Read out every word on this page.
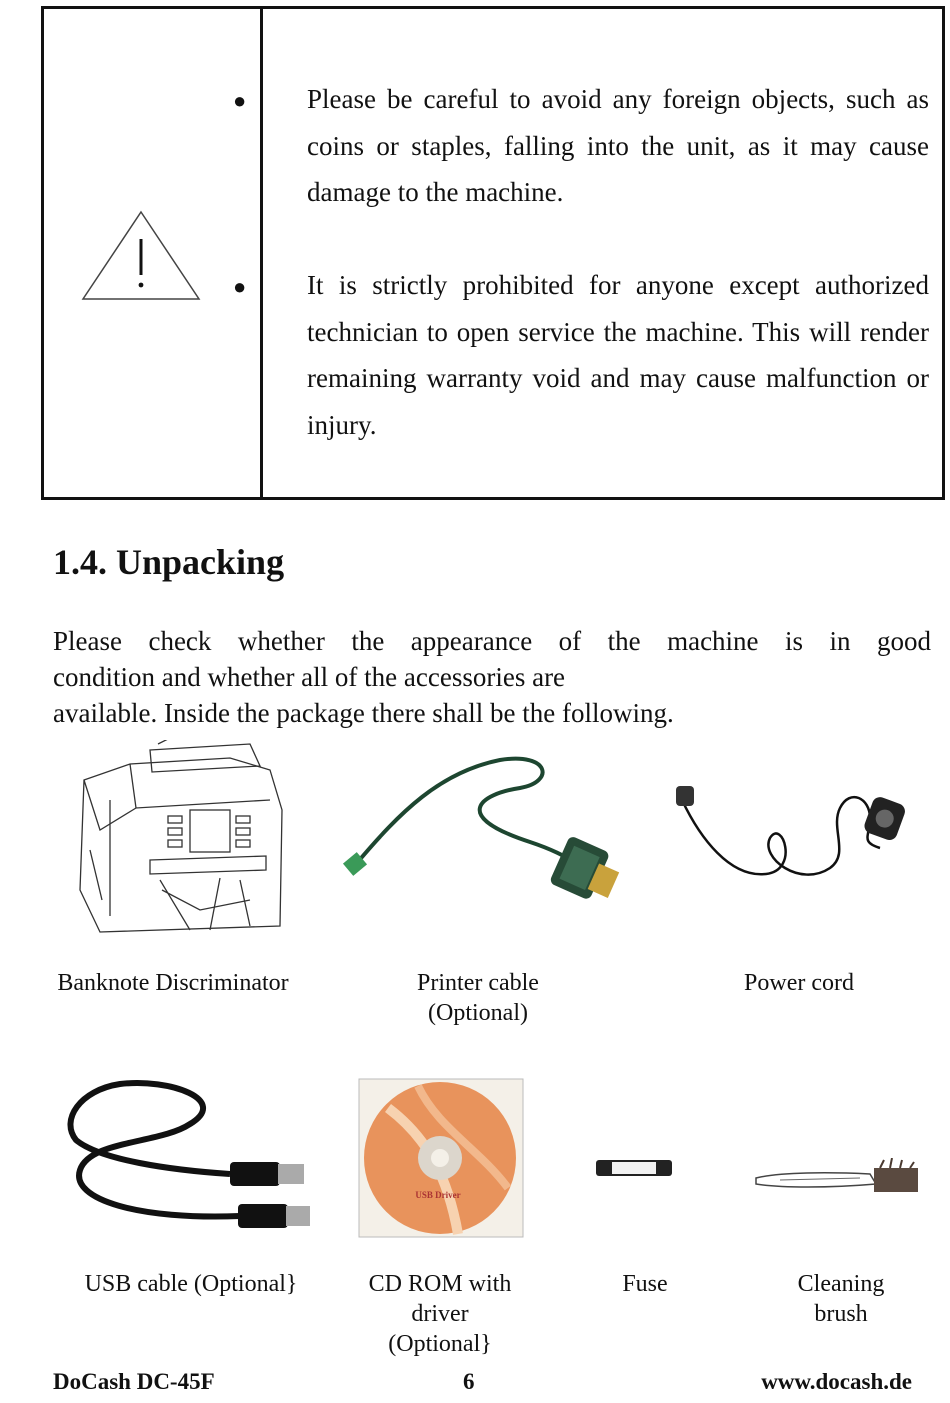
● Please be careful to avoid any foreign objects, such as coins or staples, falling into the unit, as it may cause damage to the machine.
● It is strictly prohibited for anyone except authorized technician to open service the machine. This will render remaining warranty void and may cause malfunction or injury.
1.4. Unpacking
Please check whether the appearance of the machine is in good
condition and whether all of the accessories are
available. Inside the package there shall be the following.
Banknote Discriminator	Printer cable
(Optional)
Power cord
USB Driver
USB cable (Optional}	CD ROM with
driver
(Optional}
Fuse	Cleaning
brush
DoCash DC-45F	6	www.docash.de
